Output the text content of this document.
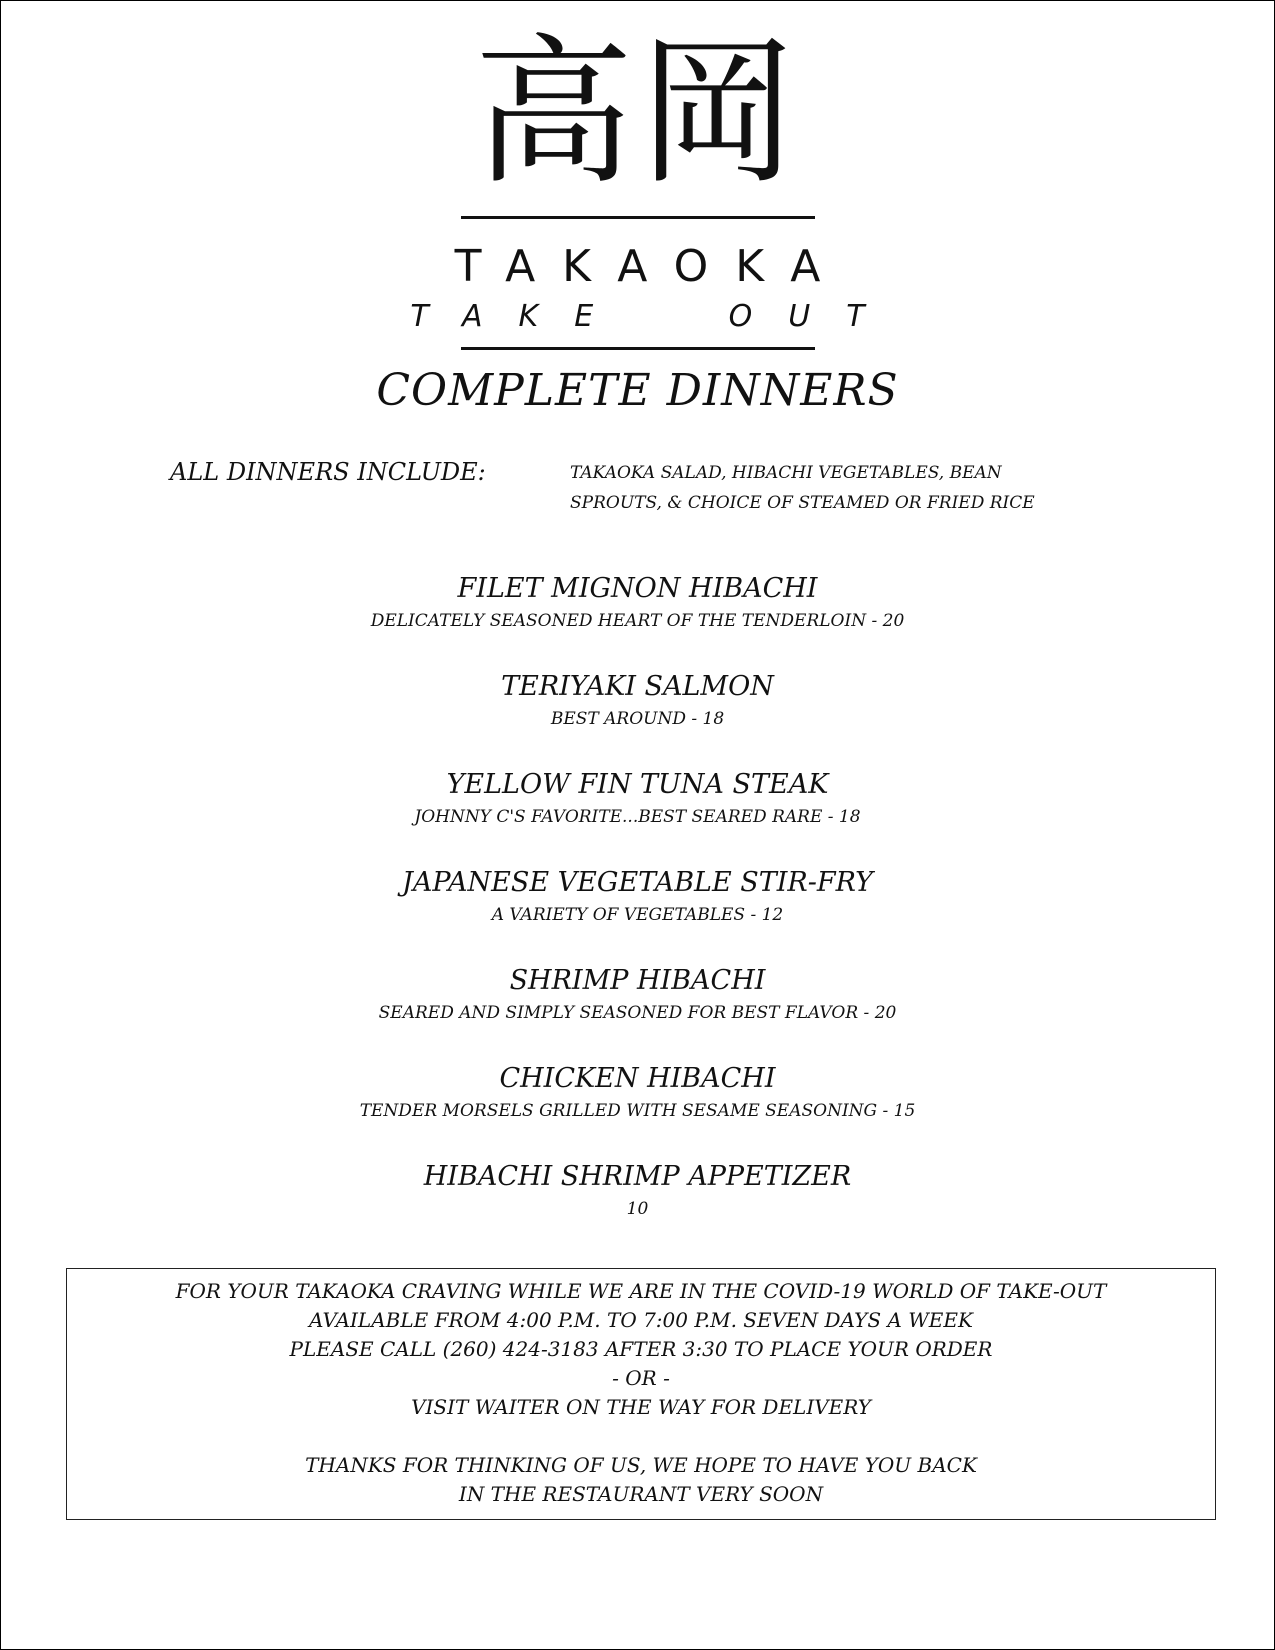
高岡
TAKAOKA
TAKE OUT
COMPLETE DINNERS
ALL DINNERS INCLUDE:	TAKAOKA SALAD, HIBACHI VEGETABLES, BEAN SPROUTS, & CHOICE OF STEAMED OR FRIED RICE
FILET MIGNON HIBACHI
DELICATELY SEASONED HEART OF THE TENDERLOIN - 20
TERIYAKI SALMON
BEST AROUND - 18
YELLOW FIN TUNA STEAK
JOHNNY C'S FAVORITE...BEST SEARED RARE - 18
JAPANESE VEGETABLE STIR-FRY
A VARIETY OF VEGETABLES - 12
SHRIMP HIBACHI
SEARED AND SIMPLY SEASONED FOR BEST FLAVOR - 20
CHICKEN HIBACHI
TENDER MORSELS GRILLED WITH SESAME SEASONING - 15
HIBACHI SHRIMP APPETIZER
10
FOR YOUR TAKAOKA CRAVING WHILE WE ARE IN THE COVID-19 WORLD OF TAKE-OUT
AVAILABLE FROM 4:00 P.M. TO 7:00 P.M. SEVEN DAYS A WEEK
PLEASE CALL (260) 424-3183 AFTER 3:30 TO PLACE YOUR ORDER
- OR -
VISIT WAITER ON THE WAY FOR DELIVERY
THANKS FOR THINKING OF US, WE HOPE TO HAVE YOU BACK
IN THE RESTAURANT VERY SOON
